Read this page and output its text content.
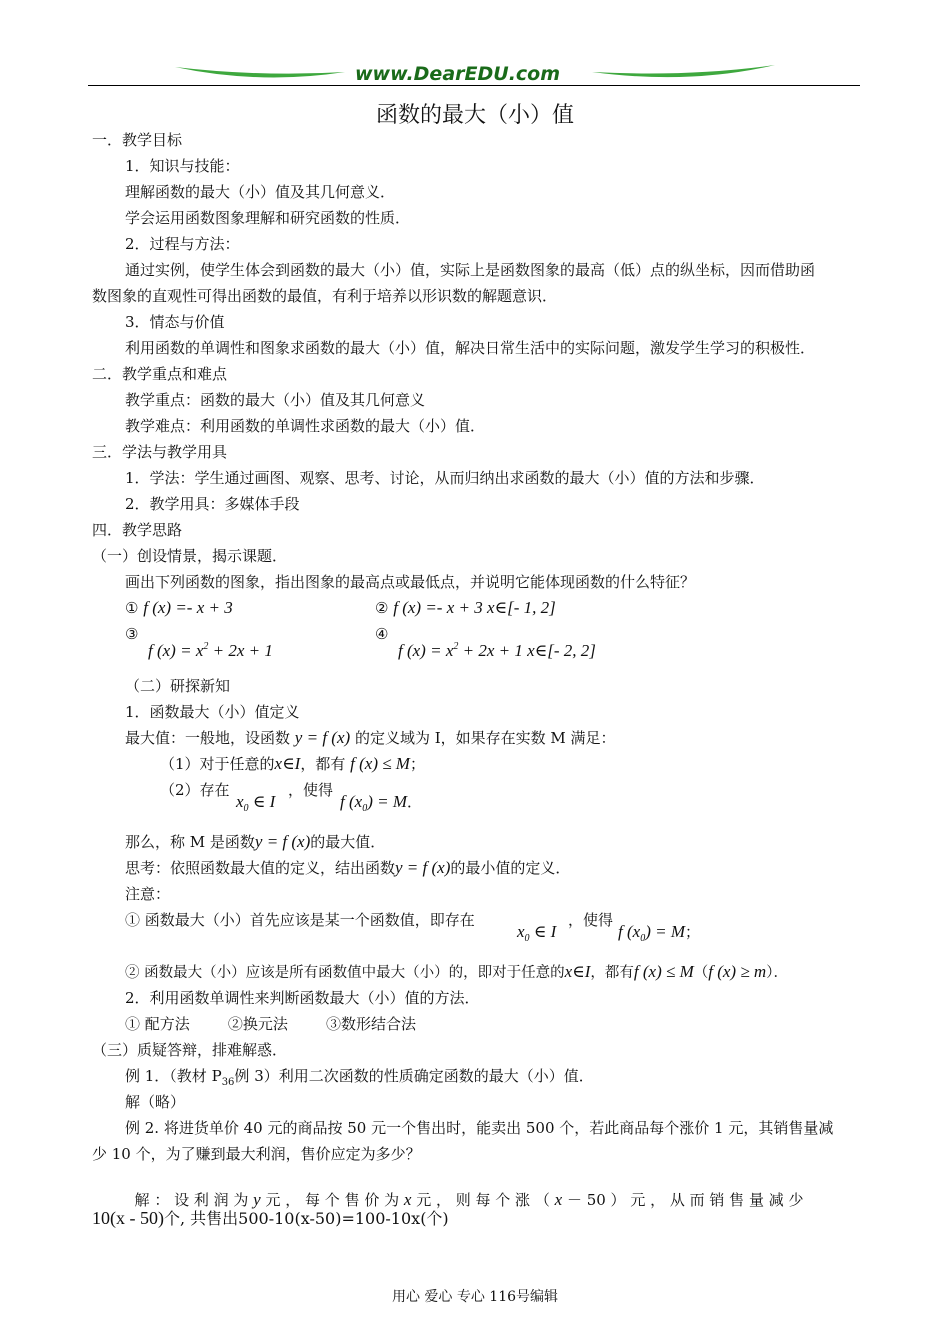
www.DearEDU.com
函数的最大（小）值
一．教学目标
1．知识与技能：
理解函数的最大（小）值及其几何意义．
学会运用函数图象理解和研究函数的性质．
2．过程与方法：
通过实例，使学生体会到函数的最大（小）值，实际上是函数图象的最高（低）点的纵坐标，因而借助函
数图象的直观性可得出函数的最值，有利于培养以形识数的解题意识．
3．情态与价值
利用函数的单调性和图象求函数的最大（小）值，解决日常生活中的实际问题，激发学生学习的积极性．
二．教学重点和难点
教学重点：函数的最大（小）值及其几何意义
教学难点：利用函数的单调性求函数的最大（小）值．
三．学法与教学用具
1．学法：学生通过画图、观察、思考、讨论，从而归纳出求函数的最大（小）值的方法和步骤．
2．教学用具：多媒体手段
四．教学思路
（一）创设情景，揭示课题．
画出下列函数的图象，指出图象的最高点或最低点，并说明它能体现函数的什么特征？
① f (x) =- x + 3	② f (x) =- x + 3 x∈[- 1, 2]
③
f $(x) = x^2 + 2x + 1$
④
f $(x) = x^2 + 2x + 1$ x∈[- 2, 2]
（二）研探新知
1．函数最大（小）值定义
最大值：一般地，设函数 y = f (x) 的定义域为 I，如果存在实数 M 满足：
（1）对于任意的x∈I，都有 f (x) ≤ M；
（2）存在
$x_0$ ∈ I
，使得
f $(x_0) = M$．
那么，称 M 是函数y = f (x)的最大值．
思考：依照函数最大值的定义，结出函数y = f (x)的最小值的定义．
注意：
① 函数最大（小）首先应该是某一个函数值，即存在
$x_0$ ∈ I
，使得
f $(x_0) = M$；
② 函数最大（小）应该是所有函数值中最大（小）的，即对于任意的x∈I，都有f (x) ≤ M（f (x) ≥ m）．
2．利用函数单调性来判断函数最大（小）值的方法．
① 配方法        ②换元法        ③数形结合法
（三）质疑答辩，排难解惑．
例 1．（教材 $P_{36}$例 3）利用二次函数的性质确定函数的最大（小）值．
解（略）
例 2. 将进货单价 40 元的商品按 50 元一个售出时，能卖出 500 个，若此商品每个涨价 1 元，其销售量减
少 10 个，为了赚到最大利润，售价应定为多少？

解 ： 设 利 润 为 y 元 ， 每 个 售 价 为 x 元 ， 则 每 个 涨 （ x － 50 ） 元 ， 从 而 销 售 量 减 少

10(x - 50)个, 共售出500-10(x-50)=100-10x(个)
用心 爱心 专心 116号编辑
